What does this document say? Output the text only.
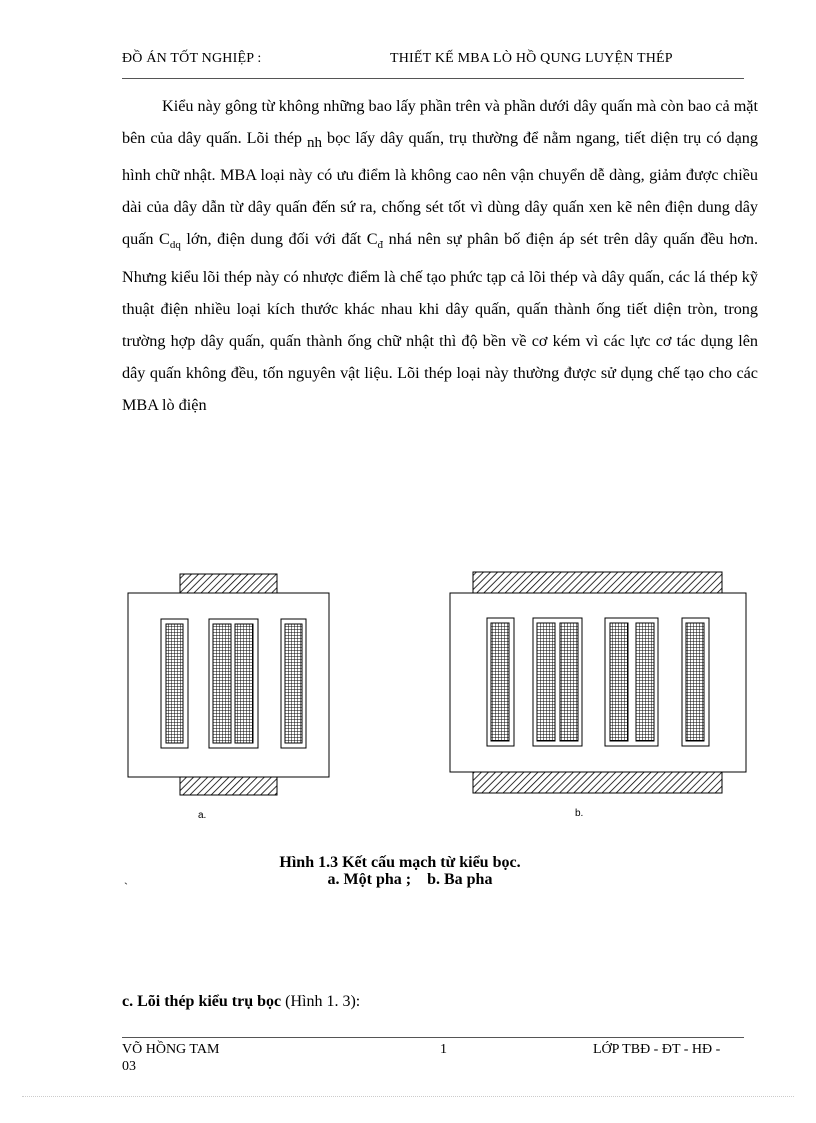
ĐỒ ÁN TỐT NGHIỆP :	THIẾT KẾ MBA LÒ HỒ QUNG LUYỆN THÉP

Kiểu này gông từ không những bao lấy phần trên và phần dưới dây quấn mà còn bao cả mặt bên của dây quấn. Lõi thép nh bọc lấy dây quấn, trụ thường để nằm ngang, tiết diện trụ có dạng hình chữ nhật. MBA loại này có ưu điểm là không cao nên vận chuyển dễ dàng, giảm được chiều dài của dây dẫn từ dây quấn đến sứ ra, chống sét tốt vì dùng dây quấn xen kẽ nên điện dung dây quấn $C_{dq}$ lớn, điện dung đối với đất $C_đ$ nhá nên sự phân bố điện áp sét trên dây quấn đều hơn. Nhưng kiểu lõi thép này có nhược điểm là chế tạo phức tạp cả lõi thép và dây quấn, các lá thép kỹ thuật điện nhiều loại kích thước khác nhau khi dây quấn, quấn thành ống tiết diện tròn, trong trường hợp dây quấn, quấn thành ống chữ nhật thì độ bền về cơ kém vì các lực cơ tác dụng lên dây quấn không đều, tốn nguyên vật liệu. Lõi thép loại này thường được sử dụng chế tạo cho các MBA lò điện

a.	b.
Hình 1.3 Kết cấu mạch từ kiểu bọc.
a. Một pha ;    b. Ba pha
`
c. Lõi thép kiểu trụ bọc (Hình 1. 3):
VÕ HỒNG TAM
03
1	LỚP TBĐ - ĐT - HĐ -
